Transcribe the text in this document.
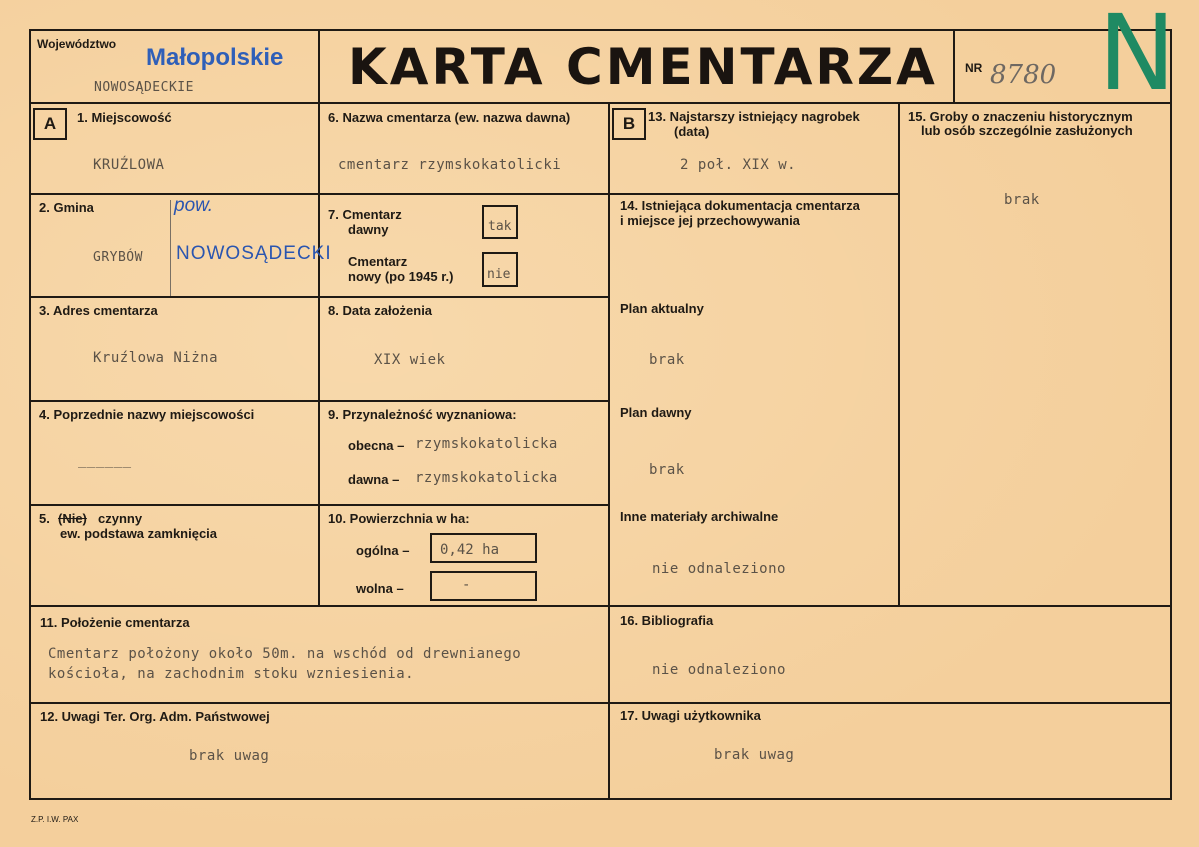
Województwo Małopolskie
NOWOSĄDECKIE	KARTA CMENTARZA NR 8780 N
A	B
1. Miejscowość
KRUŹLOWA
2. Gmina	pow.
GRYBÓW NOWOSĄDECKI
3. Adres cmentarza
Kruźlowa Niżna
4. Poprzednie nazwy miejscowości
______
5. (Nie) czynny
ew. podstawa zamknięcia
6. Nazwa cmentarza (ew. nazwa dawna)
cmentarz rzymskokatolicki
7. Cmentarz
dawny	tak
Cmentarz
nowy (po 1945 r.)	nie
8. Data założenia
XIX wiek
9. Przynależność wyznaniowa:
obecna – rzymskokatolicka
dawna – rzymskokatolicka
10. Powierzchnia w ha:
ogólna – 0,42 ha
wolna –	-
13. Najstarszy istniejący nagrobek
(data)
2 poł. XIX w.
14. Istniejąca dokumentacja cmentarza
i miejsce jej przechowywania
Plan aktualny
brak
Plan dawny
brak
Inne materiały archiwalne
nie odnaleziono
15. Groby o znaczeniu historycznym
lub osób szczególnie zasłużonych
brak
11. Położenie cmentarza
Cmentarz położony około 50m. na wschód od drewnianego
kościoła, na zachodnim stoku wzniesienia.
16. Bibliografia
nie odnaleziono
12. Uwagi Ter. Org. Adm. Państwowej
brak uwag
17. Uwagi użytkownika
brak uwag
Z.P. I.W. PAX
